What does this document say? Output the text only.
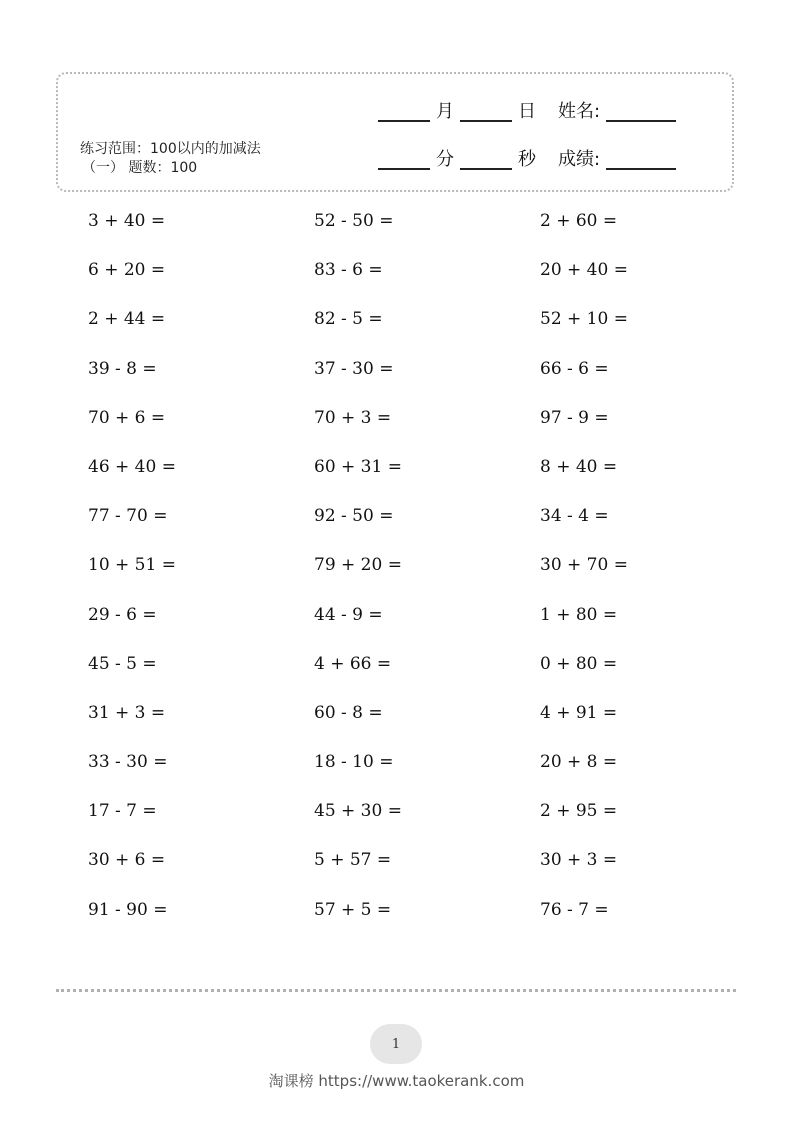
月	日 姓名:
分	秒 成绩:
练习范围：100以内的加减法
（一） 题数：100
3 + 40 =	52 - 50 =	2 + 60 =
6 + 20 =	83 - 6 =	20 + 40 =
2 + 44 =	82 - 5 =	52 + 10 =
39 - 8 =	37 - 30 =	66 - 6 =
70 + 6 =	70 + 3 =	97 - 9 =
46 + 40 =	60 + 31 =	8 + 40 =
77 - 70 =	92 - 50 =	34 - 4 =
10 + 51 =	79 + 20 =	30 + 70 =
29 - 6 =	44 - 9 =	1 + 80 =
45 - 5 =	4 + 66 =	0 + 80 =
31 + 3 =	60 - 8 =	4 + 91 =
33 - 30 =	18 - 10 =	20 + 8 =
17 - 7 =	45 + 30 =	2 + 95 =
30 + 6 =	5 + 57 =	30 + 3 =
91 - 90 =	57 + 5 =	76 - 7 =
1
淘课榜 https://www.taokerank.com
